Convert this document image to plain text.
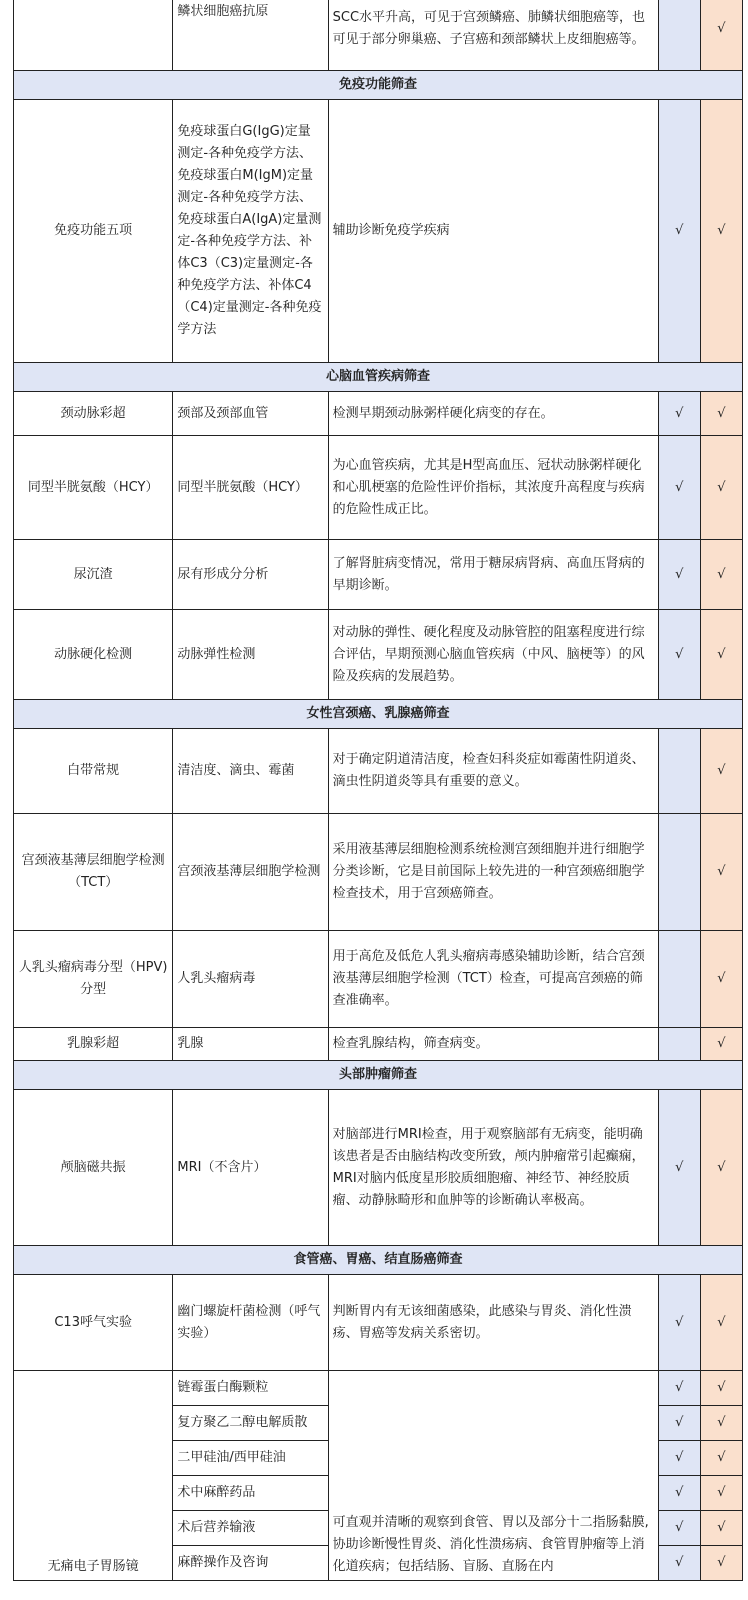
	鳞状细胞癌抗原	SCC水平升高，可见于宫颈鳞癌、肺鳞状细胞癌等，也可见于部分卵巢癌、子宫癌和颈部鳞状上皮细胞癌等。		√
免疫功能筛查				
免疫功能五项	免疫球蛋白G(IgG)定量测定-各种免疫学方法、免疫球蛋白M(IgM)定量测定-各种免疫学方法、免疫球蛋白A(IgA)定量测定-各种免疫学方法、补体C3（C3)定量测定-各种免疫学方法、补体C4（C4)定量测定-各种免疫学方法	辅助诊断免疫学疾病	√	√
心脑血管疾病筛查				
颈动脉彩超	颈部及颈部血管	检测早期颈动脉粥样硬化病变的存在。	√	√
同型半胱氨酸（HCY）	同型半胱氨酸（HCY）	为心血管疾病，尤其是H型高血压、冠状动脉粥样硬化和心肌梗塞的危险性评价指标，其浓度升高程度与疾病的危险性成正比。	√	√
尿沉渣	尿有形成分分析	了解肾脏病变情况，常用于糖尿病肾病、高血压肾病的早期诊断。	√	√
动脉硬化检测	动脉弹性检测	对动脉的弹性、硬化程度及动脉管腔的阻塞程度进行综合评估，早期预测心脑血管疾病（中风、脑梗等）的风险及疾病的发展趋势。	√	√
女性宫颈癌、乳腺癌筛查				
白带常规	清洁度、滴虫、霉菌	对于确定阴道清洁度，检查妇科炎症如霉菌性阴道炎、滴虫性阴道炎等具有重要的意义。		√
宫颈液基薄层细胞学检测（TCT）	宫颈液基薄层细胞学检测	采用液基薄层细胞检测系统检测宫颈细胞并进行细胞学分类诊断，它是目前国际上较先进的一种宫颈癌细胞学检查技术，用于宫颈癌筛查。		√
人乳头瘤病毒分型（HPV)分型	人乳头瘤病毒	用于高危及低危人乳头瘤病毒感染辅助诊断，结合宫颈液基薄层细胞学检测（TCT）检查，可提高宫颈癌的筛查准确率。		√
乳腺彩超	乳腺	检查乳腺结构，筛查病变。		√
头部肿瘤筛查				
颅脑磁共振	MRI（不含片）	对脑部进行MRI检查，用于观察脑部有无病变，能明确该患者是否由脑结构改变所致，颅内肿瘤常引起癫痫，MRI对脑内低度星形胶质细胞瘤、神经节、神经胶质瘤、动静脉畸形和血肿等的诊断确认率极高。	√	√
食管癌、胃癌、结直肠癌筛查				
C13呼气实验	幽门螺旋杆菌检测（呼气实验）	判断胃内有无该细菌感染，此感染与胃炎、消化性溃疡、胃癌等发病关系密切。	√	√
无痛电子胃肠镜	链霉蛋白酶颗粒	可直观并清晰的观察到食管、胃以及部分十二指肠黏膜,协助诊断慢性胃炎、消化性溃疡病、食管胃肿瘤等上消化道疾病；包括结肠、盲肠、直肠在内	√	√
	复方聚乙二醇电解质散		√	√
	二甲硅油/西甲硅油		√	√
	术中麻醉药品		√	√
	术后营养输液		√	√
	麻醉操作及咨询		√	√
